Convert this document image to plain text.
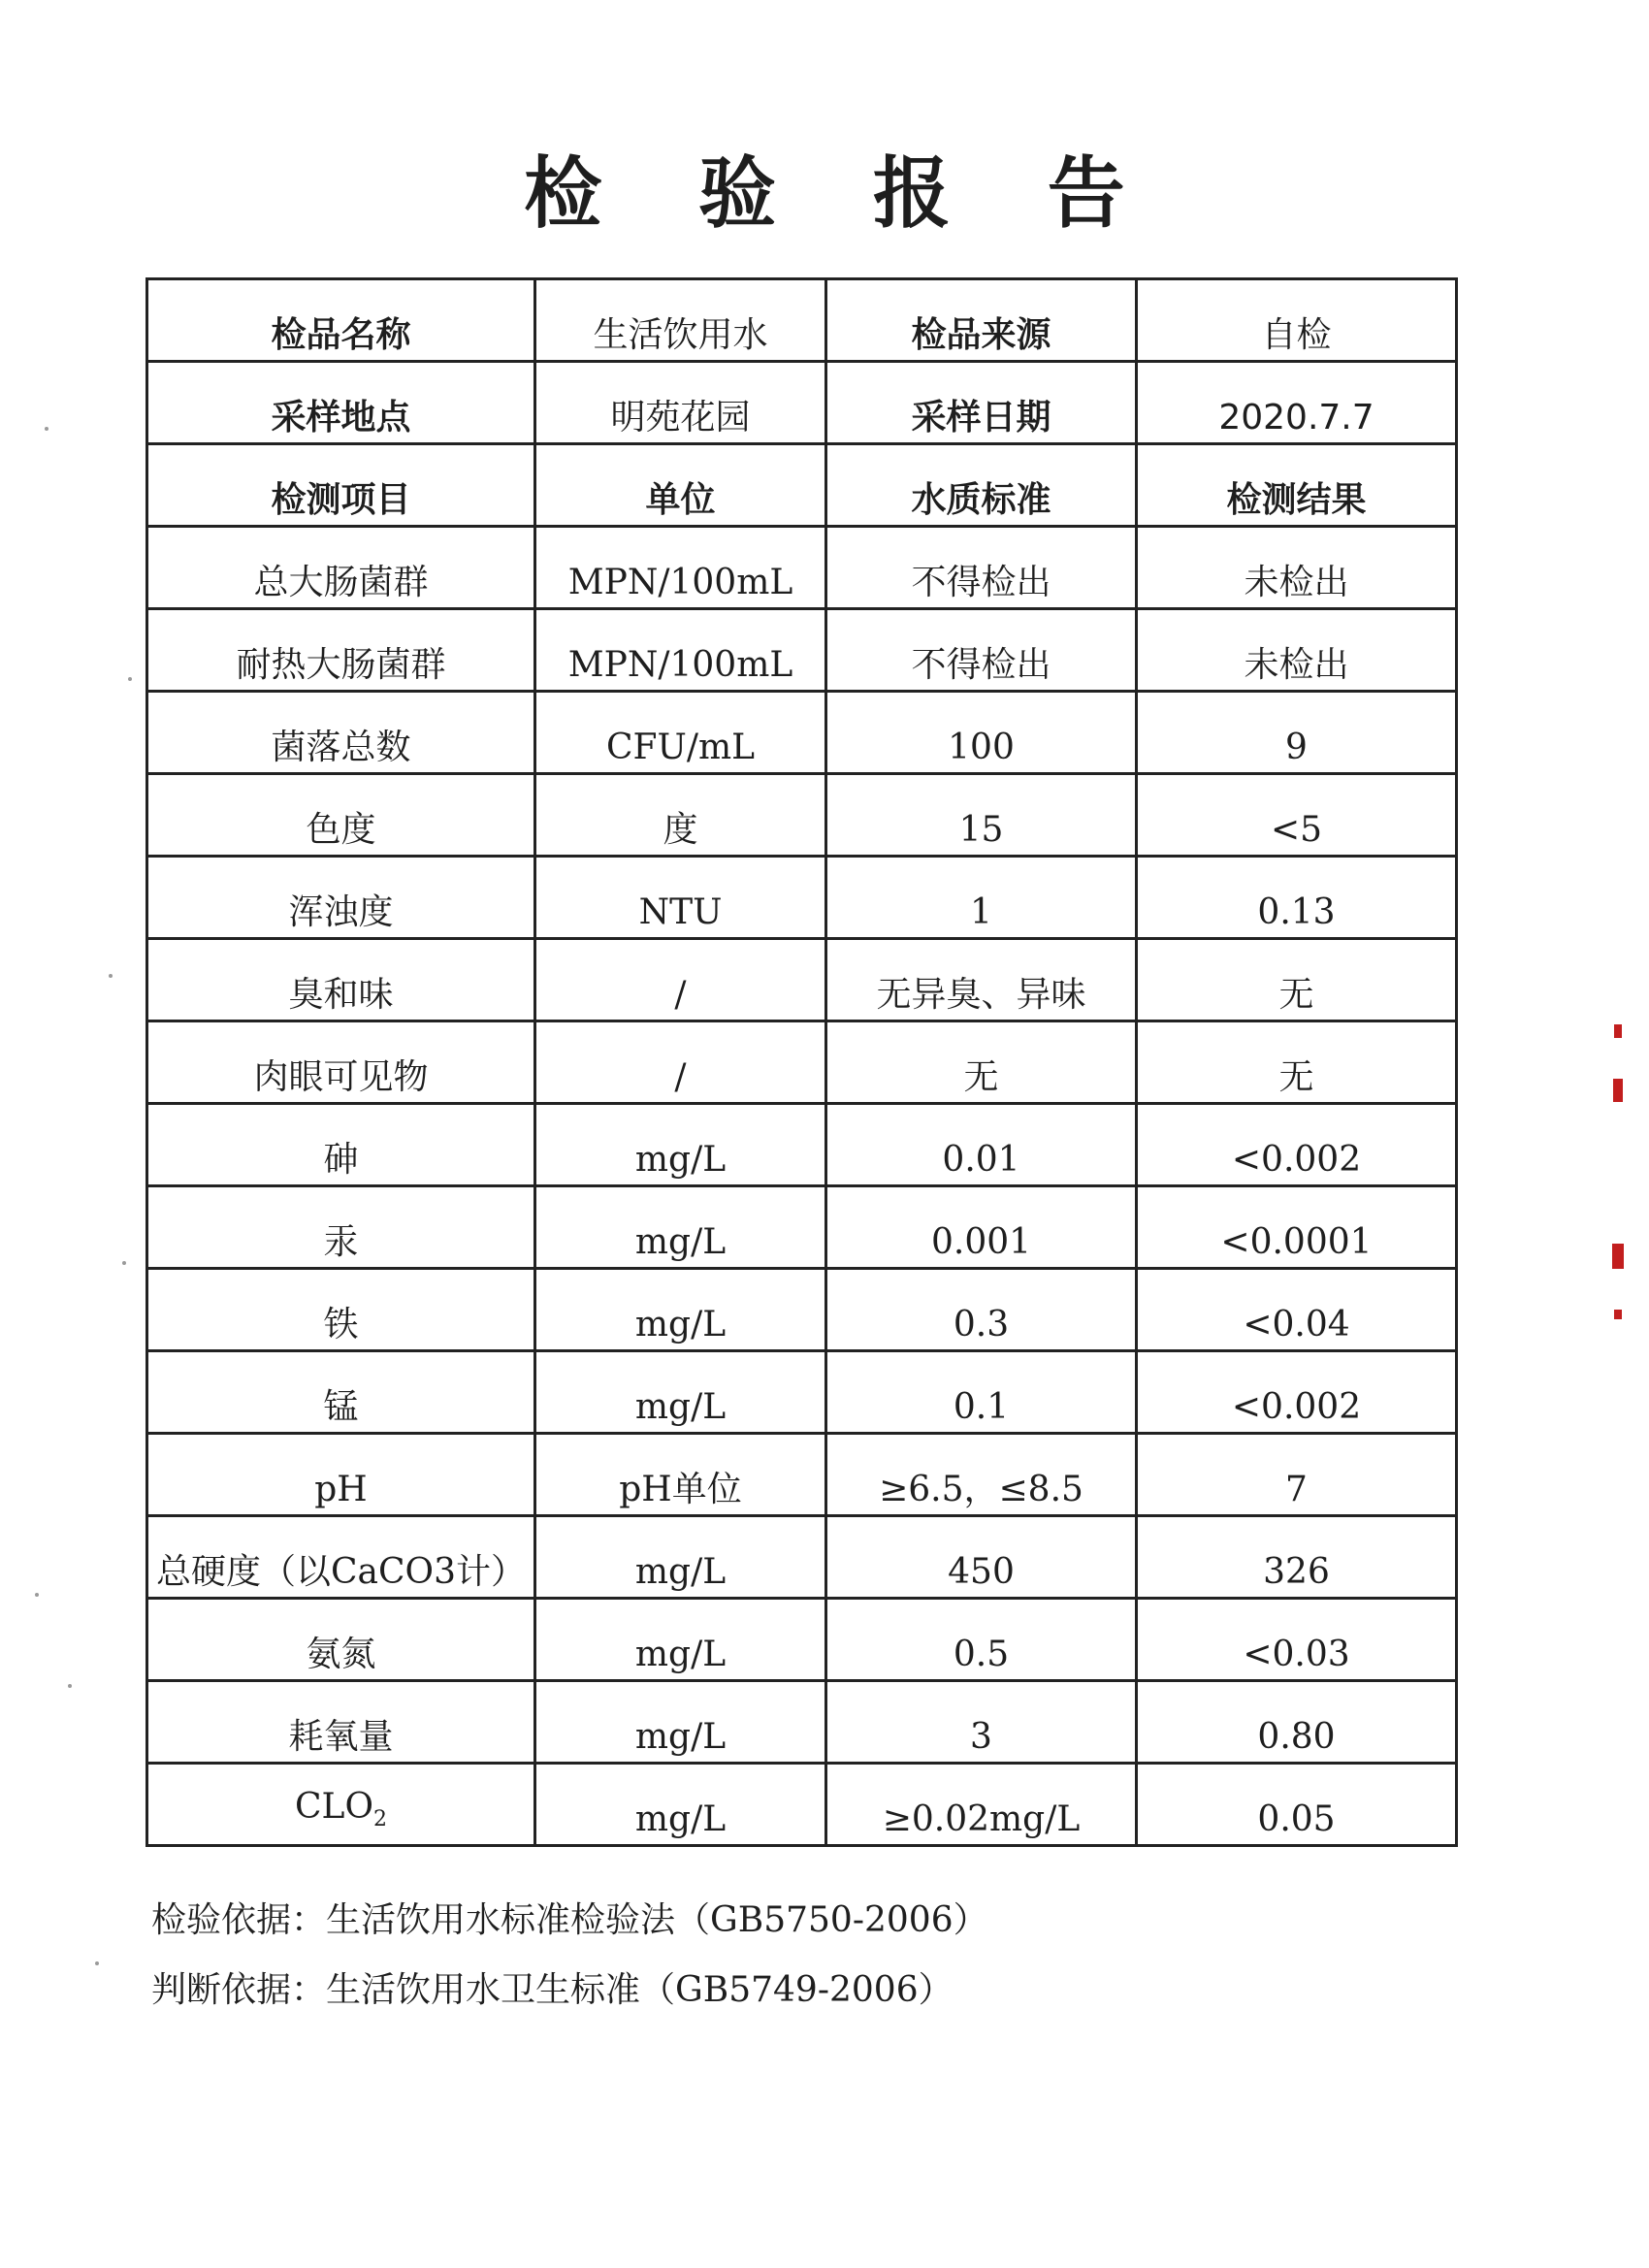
检 验 报 告
检品名称	生活饮用水	检品来源	自检
采样地点	明苑花园	采样日期	2020.7.7
检测项目	单位	水质标准	检测结果
总大肠菌群	MPN/100mL	不得检出	未检出
耐热大肠菌群	MPN/100mL	不得检出	未检出
菌落总数	CFU/mL	100	9
色度	度	15	<5
浑浊度	NTU	1	0.13
臭和味	/	无异臭、异味	无
肉眼可见物	/	无	无
砷	mg/L	0.01	<0.002
汞	mg/L	0.001	<0.0001
铁	mg/L	0.3	<0.04
锰	mg/L	0.1	<0.002
pH	pH单位	≥6.5，≤8.5	7
总硬度（以CaCO3计）	mg/L	450	326
氨氮	mg/L	0.5	<0.03
耗氧量	mg/L	3	0.80
$CLO_2$	mg/L	≥0.02mg/L	0.05
检验依据：生活饮用水标准检验法（GB5750-2006）
判断依据：生活饮用水卫生标准（GB5749-2006）
